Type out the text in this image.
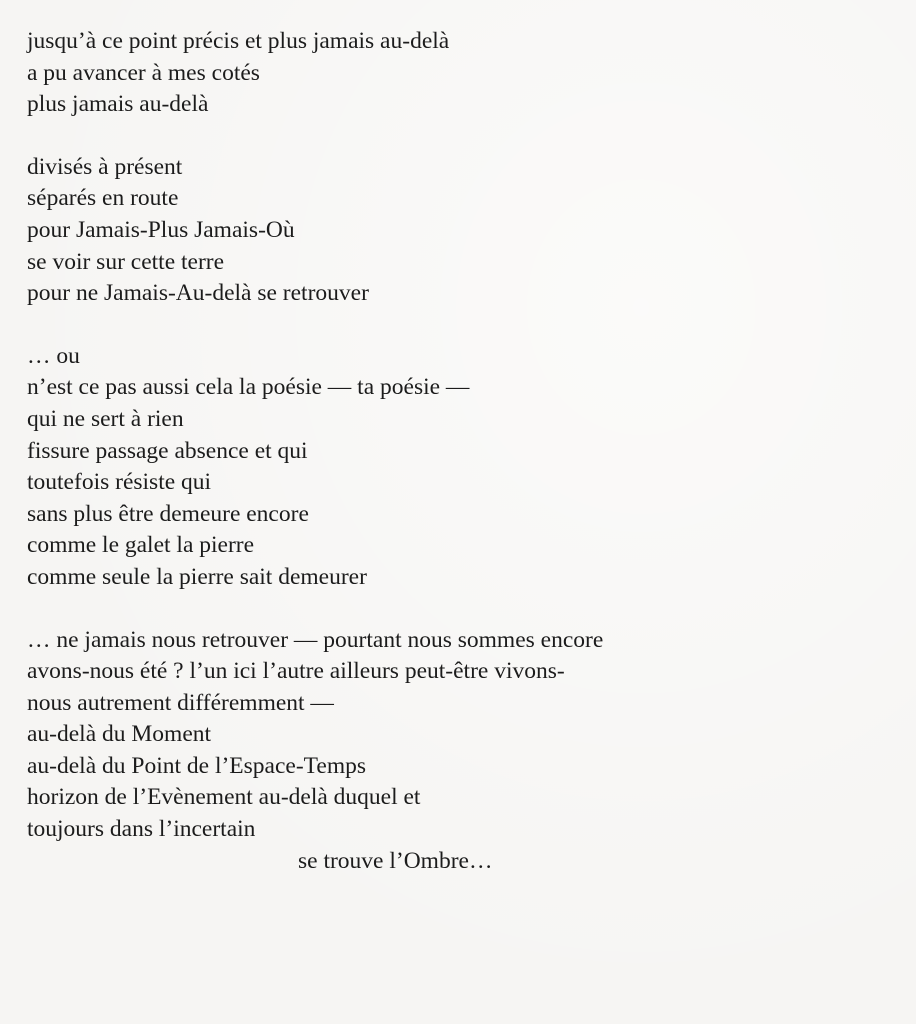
jusqu’à ce point précis et plus jamais au-delà
a pu avancer à mes cotés
plus jamais au-delà
divisés à présent
séparés en route
pour Jamais-Plus Jamais-Où
se voir sur cette terre
pour ne Jamais-Au-delà se retrouver
… ou
n’est ce pas aussi cela la poésie — ta poésie —
qui ne sert à rien
fissure passage absence et qui
toutefois résiste qui
sans plus être demeure encore
comme le galet la pierre
comme seule la pierre sait demeurer
… ne jamais nous retrouver — pourtant nous sommes encore
avons-nous été ? l’un ici l’autre ailleurs peut-être vivons-
nous autrement différemment —
au-delà du Moment
au-delà du Point de l’Espace-Temps
horizon de l’Evènement au-delà duquel et
toujours dans l’incertain
se trouve l’Ombre…
